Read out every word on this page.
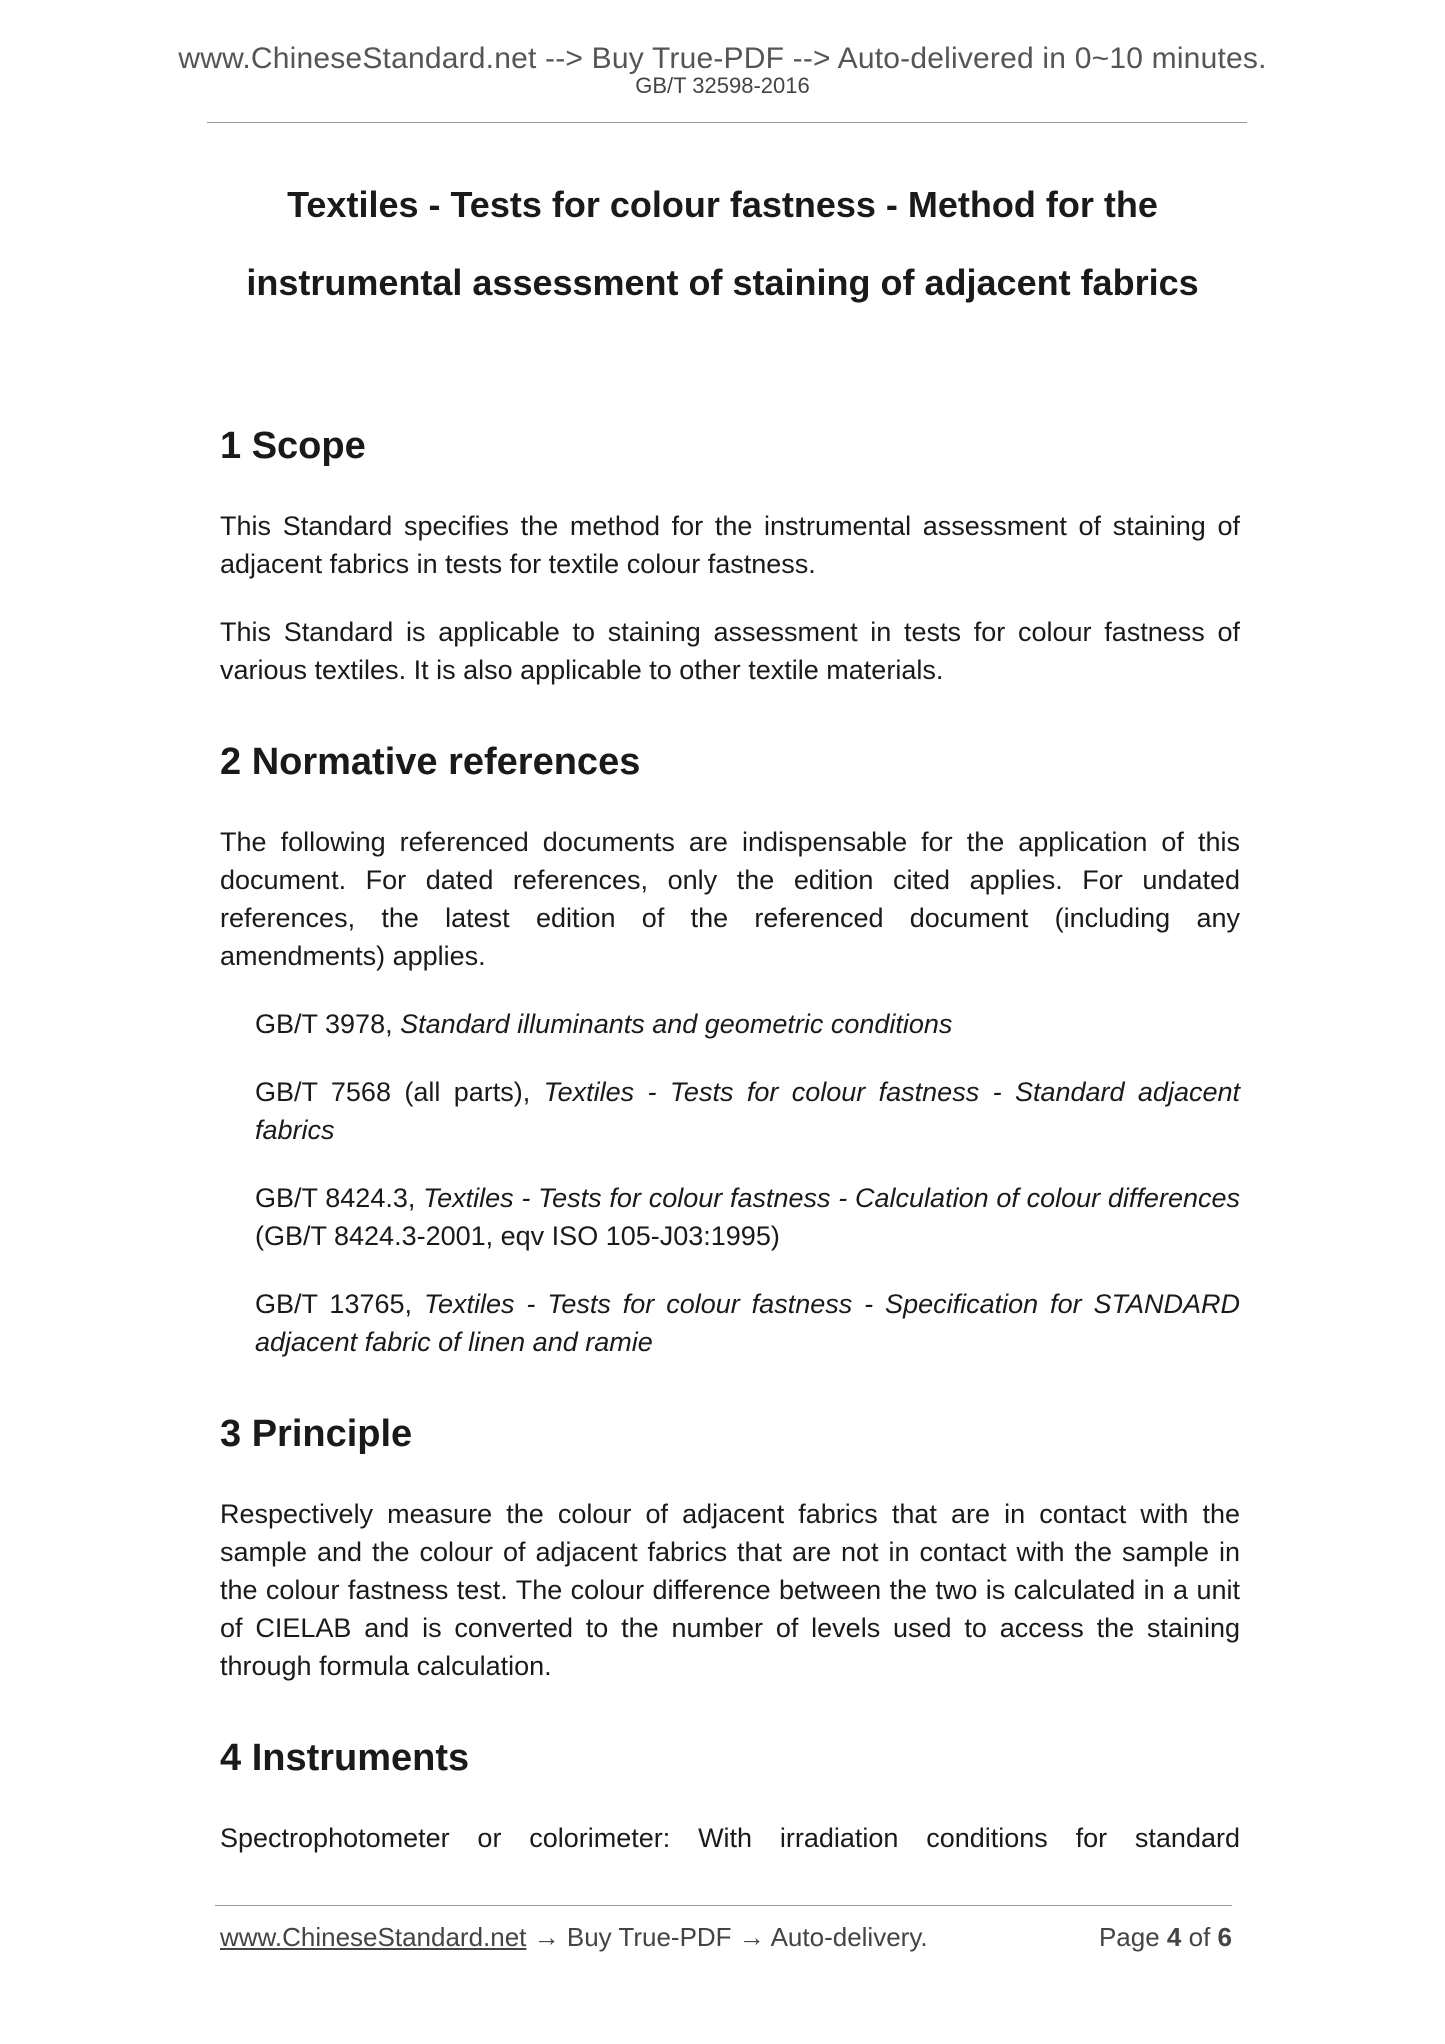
www.ChineseStandard.net --> Buy True-PDF --> Auto-delivered in 0~10 minutes.
GB/T 32598-2016
Textiles - Tests for colour fastness - Method for the
instrumental assessment of staining of adjacent fabrics
1 Scope

This Standard specifies the method for the instrumental assessment of staining of adjacent fabrics in tests for textile colour fastness.

This Standard is applicable to staining assessment in tests for colour fastness of various textiles. It is also applicable to other textile materials.

2 Normative references

The following referenced documents are indispensable for the application of this document. For dated references, only the edition cited applies. For undated references, the latest edition of the referenced document (including any amendments) applies.

GB/T 3978, Standard illuminants and geometric conditions

GB/T 7568 (all parts), Textiles - Tests for colour fastness - Standard adjacent fabrics

GB/T 8424.3, Textiles - Tests for colour fastness - Calculation of colour differences (GB/T 8424.3-2001, eqv ISO 105-J03:1995)

GB/T 13765, Textiles - Tests for colour fastness - Specification for STANDARD adjacent fabric of linen and ramie

3 Principle

Respectively measure the colour of adjacent fabrics that are in contact with the sample and the colour of adjacent fabrics that are not in contact with the sample in the colour fastness test. The colour difference between the two is calculated in a unit of CIELAB and is converted to the number of levels used to access the staining through formula calculation.

4 Instruments

Spectrophotometer or colorimeter: With irradiation conditions for standard

www.ChineseStandard.net → Buy True-PDF → Auto-delivery.	Page 4 of 6
